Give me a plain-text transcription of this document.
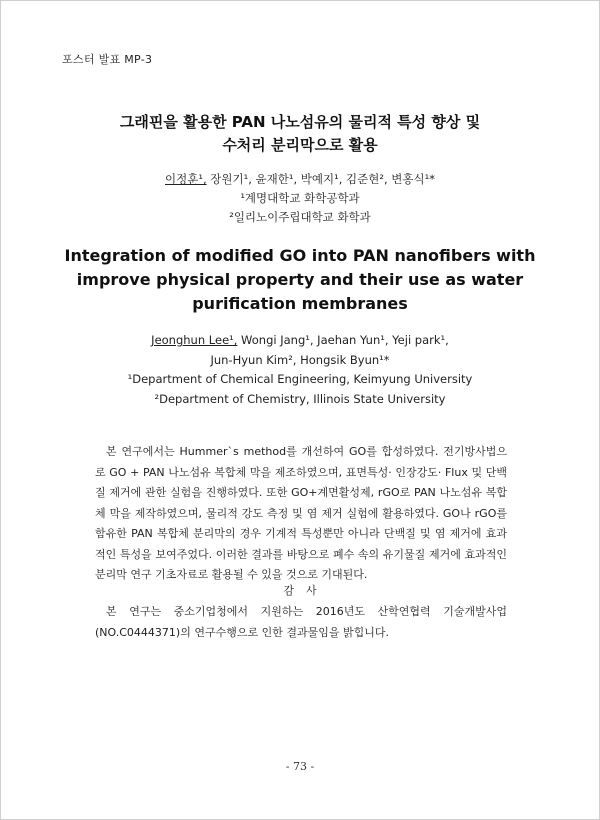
포스터 발표 MP-3
그래핀을 활용한 PAN 나노섬유의 물리적 특성 향상 및
수처리 분리막으로 활용
이정훈¹, 장원기¹, 윤재한¹, 박예지¹, 김준현², 변홍식¹*
¹계명대학교 화학공학과
²일리노이주립대학교 화학과
Integration of modified GO into PAN nanofibers with
improve physical property and their use as water
purification membranes
Jeonghun Lee¹, Wongi Jang¹, Jaehan Yun¹, Yeji park¹,
Jun-Hyun Kim², Hongsik Byun¹*
¹Department of Chemical Engineering, Keimyung University
²Department of Chemistry, Illinois State University

본 연구에서는 Hummer`s method를 개선하여 GO를 합성하였다. 전기방사법으로 GO + PAN 나노섬유 복합체 막을 제조하였으며, 표면특성· 인장강도· Flux 및 단백질 제거에 관한 실험을 진행하였다. 또한 GO+계면활성제, rGO로 PAN 나노섬유 복합체 막을 제작하였으며, 물리적 강도 측정 및 염 제거 실험에 활용하였다. GO나 rGO를 함유한 PAN 복합체 분리막의 경우 기계적 특성뿐만 아니라 단백질 및 염 제거에 효과적인 특성을 보여주었다. 이러한 결과를 바탕으로 폐수 속의 유기물질 제거에 효과적인 분리막 연구 기초자료로 활용될 수 있을 것으로 기대된다.

감사

본 연구는 중소기업청에서 지원하는 2016년도 산학연협력 기술개발사업(NO.C0444371)의 연구수행으로 인한 결과물임을 밝힙니다.

- 73 -
